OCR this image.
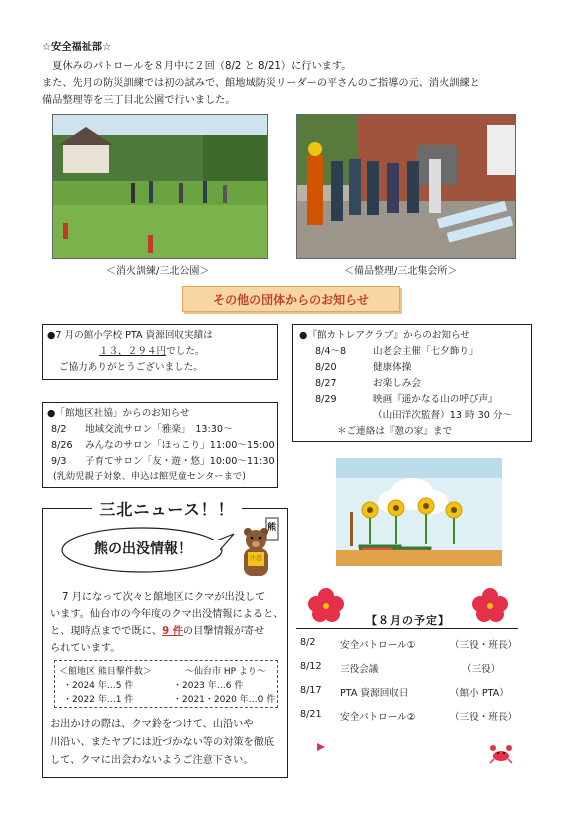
☆安全福祉部☆
　夏休みのパトロールを８月中に２回（8/2 と 8/21）に行います。
また、先月の防災訓練では初の試みで、館地域防災リーダーの平さんのご指導の元、消火訓練と
備品整理等を三丁目北公園で行いました。
＜消火訓練/三北公園＞	＜備品整理/三北集会所＞
その他の団体からのお知らせ
●7 月の館小学校 PTA 資源回収実績は
１３，２９４円でした。
ご協力ありがとうございました。
●『館カトレアクラブ』からのお知らせ
8/4～8	山老会主催「七夕飾り」
8/20	健康体操
8/27	お楽しみ会
8/29	映画『遥かなる山の呼び声』
（山田洋次監督）13 時 30 分～
＊ご連絡は『憩の家』まで
●「館地区社協」からのお知らせ
8/2 地域交流サロン「雅楽」　13:30～
8/26 みんなのサロン「ほっこり」11:00～15:00
9/3 子育てサロン「友・遊・悠」10:00～11:30
(乳幼児親子対象、申込は館児童センターまで)
三北ニュース！！
熊の出没情報！
熊
注意
7 月になって次々と館地区にクマが出没して
います。仙台市の今年度のクマ出没情報によると、
と、現時点までで既に、9 件の目撃情報が寄せ
られています。
＜館地区 熊目撃件数＞	～仙台市 HP より～
・2024 年…5 件	・2023 年…6 件
・2022 年…1 件	・2021・2020 年…0 件
お出かけの際は、クマ鈴をつけて、山沿いや
川沿い、またヤブには近づかない等の対策を徹底
して、クマに出会わないようご注意下さい。
【８月の予定】
8/2	安全パトロール①	（三役・班長）
8/12 三役会議	（三役）
8/17 PTA 資源回収日	（館小 PTA）
8/21 安全パトロール②	（三役・班長）
